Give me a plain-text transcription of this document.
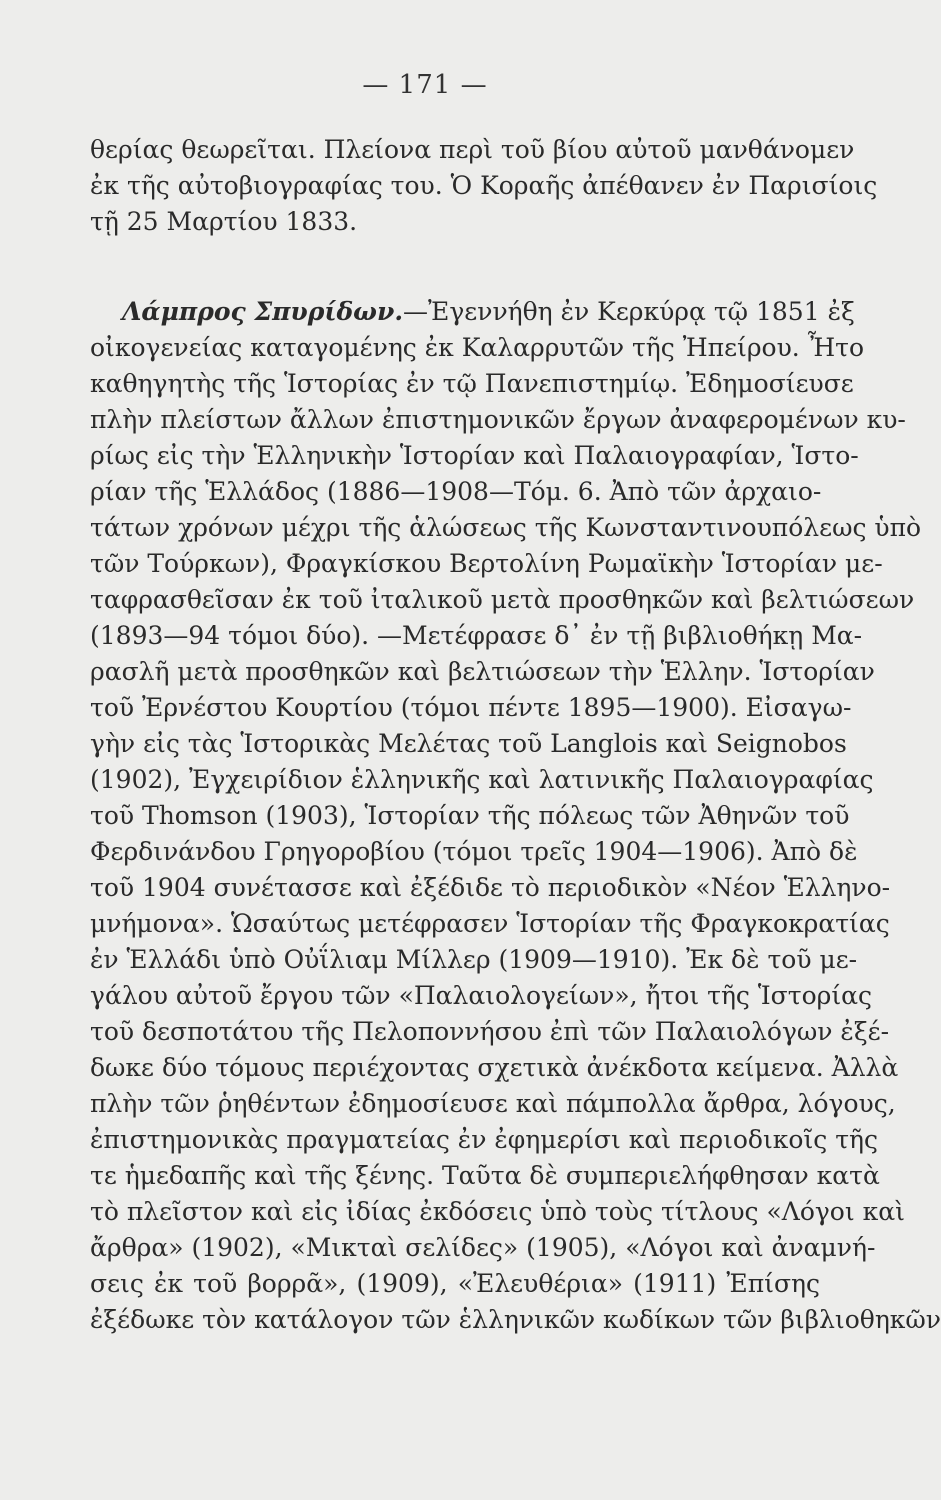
— 171 —
θερίας θεωρεῖται. Πλείονα περὶ τοῦ βίου αὐτοῦ μανθάνομεν
ἐκ τῆς αὐτοβιογραφίας του. Ὁ Κοραῆς ἀπέθανεν ἐν Παρισίοις
τῇ 25 Μαρτίου 1833.
Λάμπρος Σπυρίδων. —Ἐγεννήθη ἐν Κερκύρᾳ τῷ 1851 ἐξ
οἰκογενείας καταγομένης ἐκ Καλαρρυτῶν τῆς Ἠπείρου. Ἦτο
καθηγητὴς τῆς Ἱστορίας ἐν τῷ Πανεπιστημίῳ. Ἐδημοσίευσε
πλὴν πλείστων ἄλλων ἐπιστημονικῶν ἔργων ἀναφερομένων κυ-
ρίως εἰς τὴν Ἑλληνικὴν Ἱστορίαν καὶ Παλαιογραφίαν, Ἱστο-
ρίαν τῆς Ἑλλάδος (1886—1908—Τόμ. 6. Ἀπὸ τῶν ἀρχαιο-
τάτων χρόνων μέχρι τῆς ἁλώσεως τῆς Κωνσταντινουπόλεως ὑπὸ
τῶν Τούρκων), Φραγκίσκου Βερτολίνη Ρωμαϊκὴν Ἱστορίαν με-
ταφρασθεῖσαν ἐκ τοῦ ἰταλικοῦ μετὰ προσθηκῶν καὶ βελτιώσεων
(1893—94 τόμοι δύο). —Μετέφρασε δ᾽ ἐν τῇ βιβλιοθήκῃ Μα-
ρασλῆ μετὰ προσθηκῶν καὶ βελτιώσεων τὴν Ἑλλην. Ἱστορίαν
τοῦ Ἐρνέστου Κουρτίου (τόμοι πέντε 1895—1900). Εἰσαγω-
γὴν εἰς τὰς Ἱστορικὰς Μελέτας τοῦ Langlois καὶ Seignobos
(1902), Ἐγχειρίδιον ἑλληνικῆς καὶ λατινικῆς Παλαιογραφίας
τοῦ Thomson (1903), Ἱστορίαν τῆς πόλεως τῶν Ἀθηνῶν τοῦ
Φερδινάνδου Γρηγοροβίου (τόμοι τρεῖς 1904—1906). Ἀπὸ δὲ
τοῦ 1904 συνέτασσε καὶ ἐξέδιδε τὸ περιοδικὸν «Νέον Ἑλληνο-
μνήμονα». Ὡσαύτως μετέφρασεν Ἱστορίαν τῆς Φραγκοκρατίας
ἐν Ἑλλάδι ὑπὸ Οὐΐλιαμ Μίλλερ (1909—1910). Ἐκ δὲ τοῦ με-
γάλου αὐτοῦ ἔργου τῶν «Παλαιολογείων», ἤτοι τῆς Ἱστορίας
τοῦ δεσποτάτου τῆς Πελοποννήσου ἐπὶ τῶν Παλαιολόγων ἐξέ-
δωκε δύο τόμους περιέχοντας σχετικὰ ἀνέκδοτα κείμενα. Ἀλλὰ
πλὴν τῶν ῥηθέντων ἐδημοσίευσε καὶ πάμπολλα ἄρθρα, λόγους,
ἐπιστημονικὰς πραγματείας ἐν ἐφημερίσι καὶ περιοδικοῖς τῆς
τε ἡμεδαπῆς καὶ τῆς ξένης. Ταῦτα δὲ συμπεριελήφθησαν κατὰ
τὸ πλεῖστον καὶ εἰς ἰδίας ἐκδόσεις ὑπὸ τοὺς τίτλους «Λόγοι καὶ
ἄρθρα» (1902), «Μικταὶ σελίδες» (1905), «Λόγοι καὶ ἀναμνή-
σεις ἐκ τοῦ βορρᾶ», (1909), «Ἐλευθέρια» (1911) Ἐπίσης
ἐξέδωκε τὸν κατάλογον τῶν ἑλληνικῶν κωδίκων τῶν βιβλιοθηκῶν
